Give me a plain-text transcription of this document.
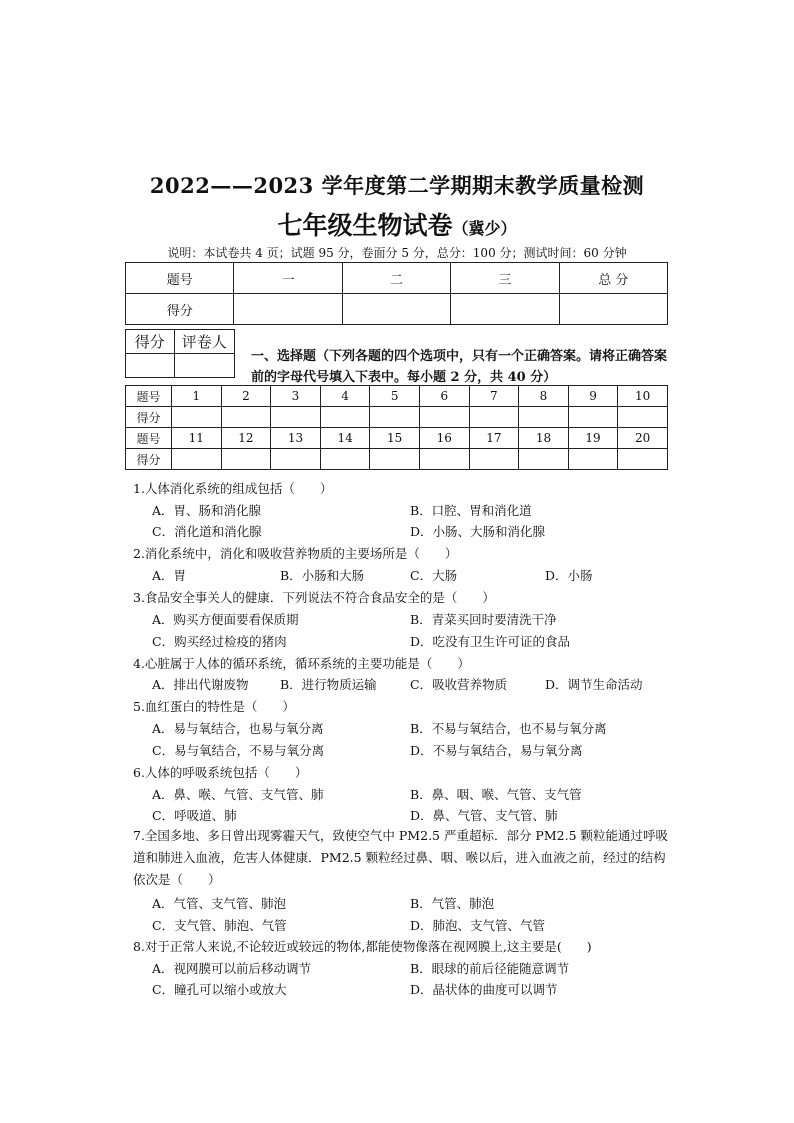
2022——2023 学年度第二学期期末教学质量检测
七年级生物试卷（冀少）
说明：本试卷共 4 页；试题 95 分，卷面分 5 分，总分：100 分；测试时间：60 分钟
题号	一	二	三	总 分
得分				
得分	评卷人

一、选择题（下列各题的四个选项中，只有一个正确答案。请将正确答案前的字母代号填入下表中。每小题 2 分，共 40 分）
题号	1	2	3	4	5	6	7	8	9	10
得分										
题号	11	12	13	14	15	16	17	18	19	20
得分										
1.人体消化系统的组成包括（　　）
A．胃、肠和消化腺	B．口腔、胃和消化道
C．消化道和消化腺	D．小肠、大肠和消化腺
2.消化系统中，消化和吸收营养物质的主要场所是（　　）
A．胃	B．小肠和大肠	C．大肠	D．小肠
3.食品安全事关人的健康．下列说法不符合食品安全的是（　　）
A．购买方便面要看保质期	B．青菜买回时要清洗干净
C．购买经过检疫的猪肉	D．吃没有卫生许可证的食品
4.心脏属于人体的循环系统，循环系统的主要功能是（　　）
A．排出代谢废物	B．进行物质运输	C．吸收营养物质	D．调节生命活动
5.血红蛋白的特性是（　　）
A．易与氧结合，也易与氧分离	B．不易与氧结合，也不易与氧分离
C．易与氧结合，不易与氧分离	D．不易与氧结合，易与氧分离
6.人体的呼吸系统包括（　　）
A．鼻、喉、气管、支气管、肺	B．鼻、咽、喉、气管、支气管
C．呼吸道、肺	D．鼻、气管、支气管、肺
7.全国多地、多日曾出现雾霾天气，致使空气中 PM2.5 严重超标．部分 PM2.5 颗粒能通过呼吸道和肺进入血液，危害人体健康．PM2.5 颗粒经过鼻、咽、喉以后，进入血液之前，经过的结构依次是（　　）
A．气管、支气管、肺泡	B．气管、肺泡
C．支气管、肺泡、气管	D．肺泡、支气管、气管
8.对于正常人来说,不论较近或较远的物体,都能使物像落在视网膜上,这主要是(　　)
A．视网膜可以前后移动调节	B．眼球的前后径能随意调节
C．瞳孔可以缩小或放大	D．晶状体的曲度可以调节
